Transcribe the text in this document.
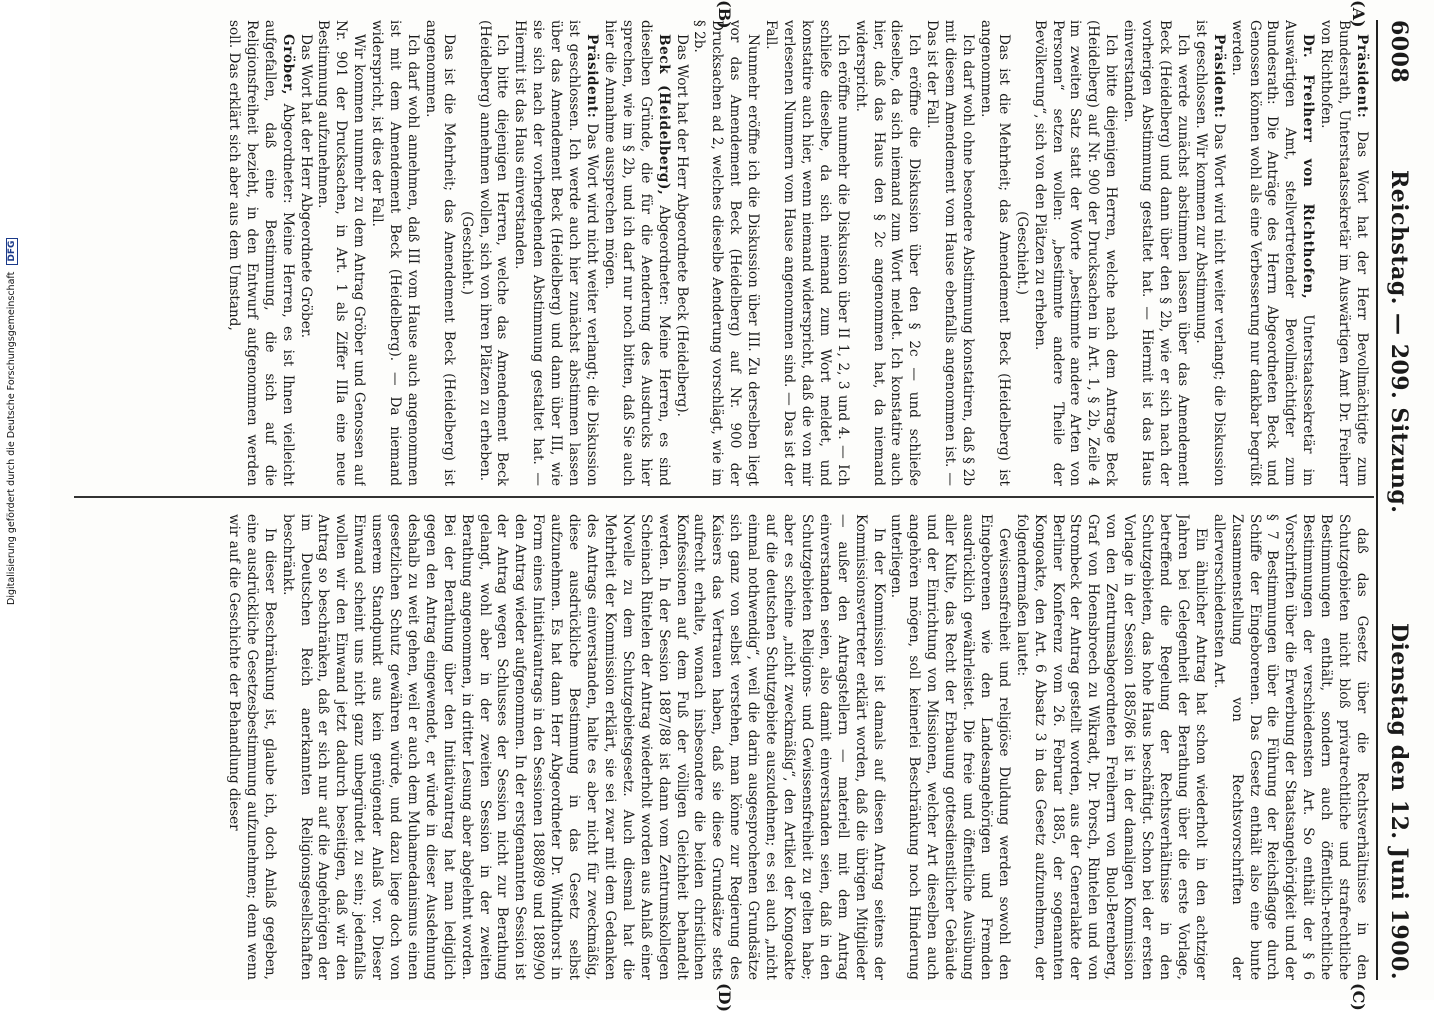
6008
Reichstag. — 209. Sitzung.
Dienstag den 12. Juni 1900.
(A)
(B)
(C)
(D)

Präsident: Das Wort hat der Herr Bevollmächtigte zum Bundesrath, Unterstaatssekretär im Auswärtigen Amt Dr. Freiherr von Richthofen.

Dr. Freiherr von Richthofen, Unterstaatssekretär im Auswärtigen Amt, stellvertretender Bevollmächtigter zum Bundesrath: Die Anträge des Herrn Abgeordneten Beck und Genossen können wohl als eine Verbesserung nur dankbar begrüßt werden.

Präsident: Das Wort wird nicht weiter verlangt; die Diskussion ist geschlossen. Wir kommen zur Abstimmung.

Ich werde zunächst abstimmen lassen über das Amendement Beck (Heidelberg) und dann über den § 2b, wie er sich nach der vorherigen Abstimmung gestaltet hat. — Hiermit ist das Haus einverstanden.

Ich bitte diejenigen Herren, welche nach dem Antrage Beck (Heidelberg) auf Nr. 900 der Drucksachen in Art. 1, § 2b, Zeile 4 im zweiten Satz statt der Worte „bestimmte andere Arten von Personen“ setzen wollen: „bestimmte andere Theile der Bevölkerung“, sich von den Plätzen zu erheben.

(Geschieht.)

Das ist die Mehrheit; das Amendement Beck (Heidelberg) ist angenommen.

Ich darf wohl ohne besondere Abstimmung konstatiren, daß § 2b mit diesem Amendement vom Hause ebenfalls angenommen ist. — Das ist der Fall.

Ich eröffne die Diskussion über den § 2c — und schließe dieselbe, da sich niemand zum Wort meldet. Ich konstatire auch hier, daß das Haus den § 2c angenommen hat, da niemand widerspricht.

Ich eröffne nunmehr die Diskussion über II 1, 2, 3 und 4. — Ich schließe dieselbe, da sich niemand zum Wort meldet, und konstatire auch hier, wenn niemand widerspricht, daß die von mir verlesenen Nummern vom Hause angenommen sind. — Das ist der Fall.

Nunmehr eröffne ich die Diskussion über III. Zu derselben liegt vor das Amendement Beck (Heidelberg) auf Nr. 900 der Drucksachen ad 2, welches dieselbe Aenderung vorschlägt, wie im § 2b.

Das Wort hat der Herr Abgeordnete Beck (Heidelberg).

Beck (Heidelberg), Abgeordneter: Meine Herren, es sind dieselben Gründe, die für die Aenderung des Ausdrucks hier sprechen, wie im § 2b, und ich darf nur noch bitten, daß Sie auch hier die Annahme aussprechen mögen.

Präsident: Das Wort wird nicht weiter verlangt; die Diskussion ist geschlossen. Ich werde auch hier zunächst abstimmen lassen über das Amendement Beck (Heidelberg) und dann über III, wie sie sich nach der vorhergehenden Abstimmung gestaltet hat. — Hiermit ist das Haus einverstanden.

Ich bitte diejenigen Herren, welche das Amendement Beck (Heidelberg) annehmen wollen, sich von ihren Plätzen zu erheben.

(Geschieht.)

Das ist die Mehrheit; das Amendement Beck (Heidelberg) ist angenommen.

Ich darf wohl annehmen, daß III vom Hause auch angenommen ist mit dem Amendement Beck (Heidelberg). — Da niemand widerspricht, ist dies der Fall.

Wir kommen nunmehr zu dem Antrag Gröber und Genossen auf Nr. 901 der Drucksachen, in Art. 1 als Ziffer IIIa eine neue Bestimmung aufzunehmen.

Das Wort hat der Herr Abgeordnete Gröber.

Gröber, Abgeordneter: Meine Herren, es ist Ihnen vielleicht aufgefallen, daß eine Bestimmung, die sich auf die Religionsfreiheit bezieht, in den Entwurf aufgenommen werden soll. Das erklärt sich aber aus dem Umstand,

daß das Gesetz über die Rechtsverhältnisse in den Schutzgebieten nicht bloß privatrechtliche und strafrechtliche Bestimmungen enthält, sondern auch öffentlich-rechtliche Bestimmungen der verschiedensten Art. So enthält der § 6 Vorschriften über die Erwerbung der Staatsangehörigkeit und der § 7 Bestimmungen über die Führung der Reichsflagge durch Schiffe der Eingeborenen. Das Gesetz enthält also eine bunte Zusammenstellung von Rechtsvorschriften der allerverschiedensten Art.

Ein ähnlicher Antrag hat schon wiederholt in den achtziger Jahren bei Gelegenheit der Berathung über die erste Vorlage, betreffend die Regelung der Rechtsverhältnisse in den Schutzgebieten, das hohe Haus beschäftigt. Schon bei der ersten Vorlage in der Session 1885/86 ist in der damaligen Kommission von den Zentrumsabgeordneten Freiherrn von Buol-Berenberg, Graf von Hoensbroech zu Wikradt, Dr. Porsch, Rintelen und von Strombeck der Antrag gestellt worden, aus der Generalakte der Berliner Konferenz vom 26. Februar 1885, der sogenannten Kongoakte, den Art. 6 Absatz 3 in das Gesetz aufzunehmen, der folgendermaßen lautet:

Gewissensfreiheit und religiöse Duldung werden sowohl den Eingeborenen wie den Landesangehörigen und Fremden ausdrücklich gewährleistet. Die freie und öffentliche Ausübung aller Kulte, das Recht der Erbauung gottesdienstlicher Gebäude und der Einrichtung von Missionen, welcher Art dieselben auch angehören mögen, soll keinerlei Beschränkung noch Hinderung unterliegen.

In der Kommission ist damals auf diesen Antrag seitens der Kommissionsvertreter erklärt worden, daß die übrigen Mitglieder — außer den Antragstellern — materiell mit dem Antrag einverstanden seien, also damit einverstanden seien, daß in den Schutzgebieten Religions- und Gewissensfreiheit zu gelten habe; aber es scheine „nicht zweckmäßig“, den Artikel der Kongoakte auf die deutschen Schutzgebiete auszudehnen; es sei auch „nicht einmal nothwendig“, weil die darin ausgesprochenen Grundsätze sich ganz von selbst verstehen, man könne zur Regierung des Kaisers das Vertrauen haben, daß sie diese Grundsätze stets aufrecht erhalte, wonach insbesondere die beiden christlichen Konfessionen auf dem Fuß der völligen Gleichheit behandelt werden. In der Session 1887/88 ist dann vom Zentrumskollegen Scheinach Rintelen der Antrag wiederholt worden aus Anlaß einer Novelle zu dem Schutzgebietsgesetz. Auch diesmal hat die Mehrheit der Kommission erklärt, sie sei zwar mit dem Gedanken des Antrags einverstanden, halte es aber nicht für zweckmäßig, diese ausdrückliche Bestimmung in das Gesetz selbst aufzunehmen. Es hat dann Herr Abgeordneter Dr. Windthorst in Form eines Initiativantrags in den Sessionen 1888/89 und 1889/90 den Antrag wieder aufgenommen. In der erstgenannten Session ist der Antrag wegen Schlusses der Session nicht zur Berathung gelangt, wohl aber in der zweiten Session in der zweiten Berathung angenommen, in dritter Lesung aber abgelehnt worden. Bei der Berathung über den Initiativantrag hat man lediglich gegen den Antrag eingewendet, er würde in dieser Ausdehnung deshalb zu weit gehen, weil er auch dem Muhamedanismus einen gesetzlichen Schutz gewähren würde, und dazu liege doch von unserem Standpunkt aus kein genügender Anlaß vor. Dieser Einwand scheint uns nicht ganz unbegründet zu sein; jedenfalls wollen wir den Einwand jetzt dadurch beseitigen, daß wir den Antrag so beschränken, daß er sich nur auf die Angehörigen der im Deutschen Reich anerkannten Religionsgesellschaften beschränkt.

In dieser Beschränkung ist, glaube ich, doch Anlaß gegeben, eine ausdrückliche Gesetzesbestimmung aufzunehmen; denn wenn wir auf die Geschichte der Behandlung dieser

Digitalisierung gefördert durch die Deutsche Forschungsgemeinschaft DFG
